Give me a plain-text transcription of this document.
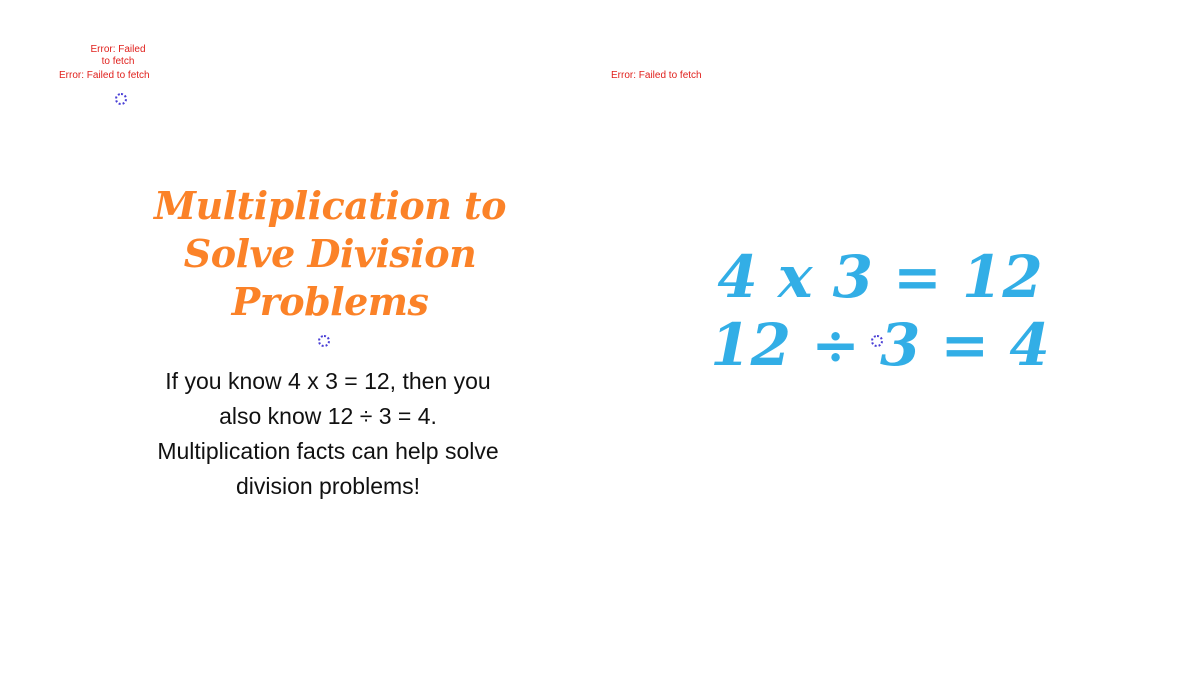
Error: Failed to fetch
Error: Failed to fetch	Error: Failed to fetch
Multiplication to Solve Division Problems
If you know 4 x 3 = 12, then you also know 12 ÷ 3 = 4. Multiplication facts can help solve division problems!
4 x 3 = 12
12 ÷ 3 = 4
